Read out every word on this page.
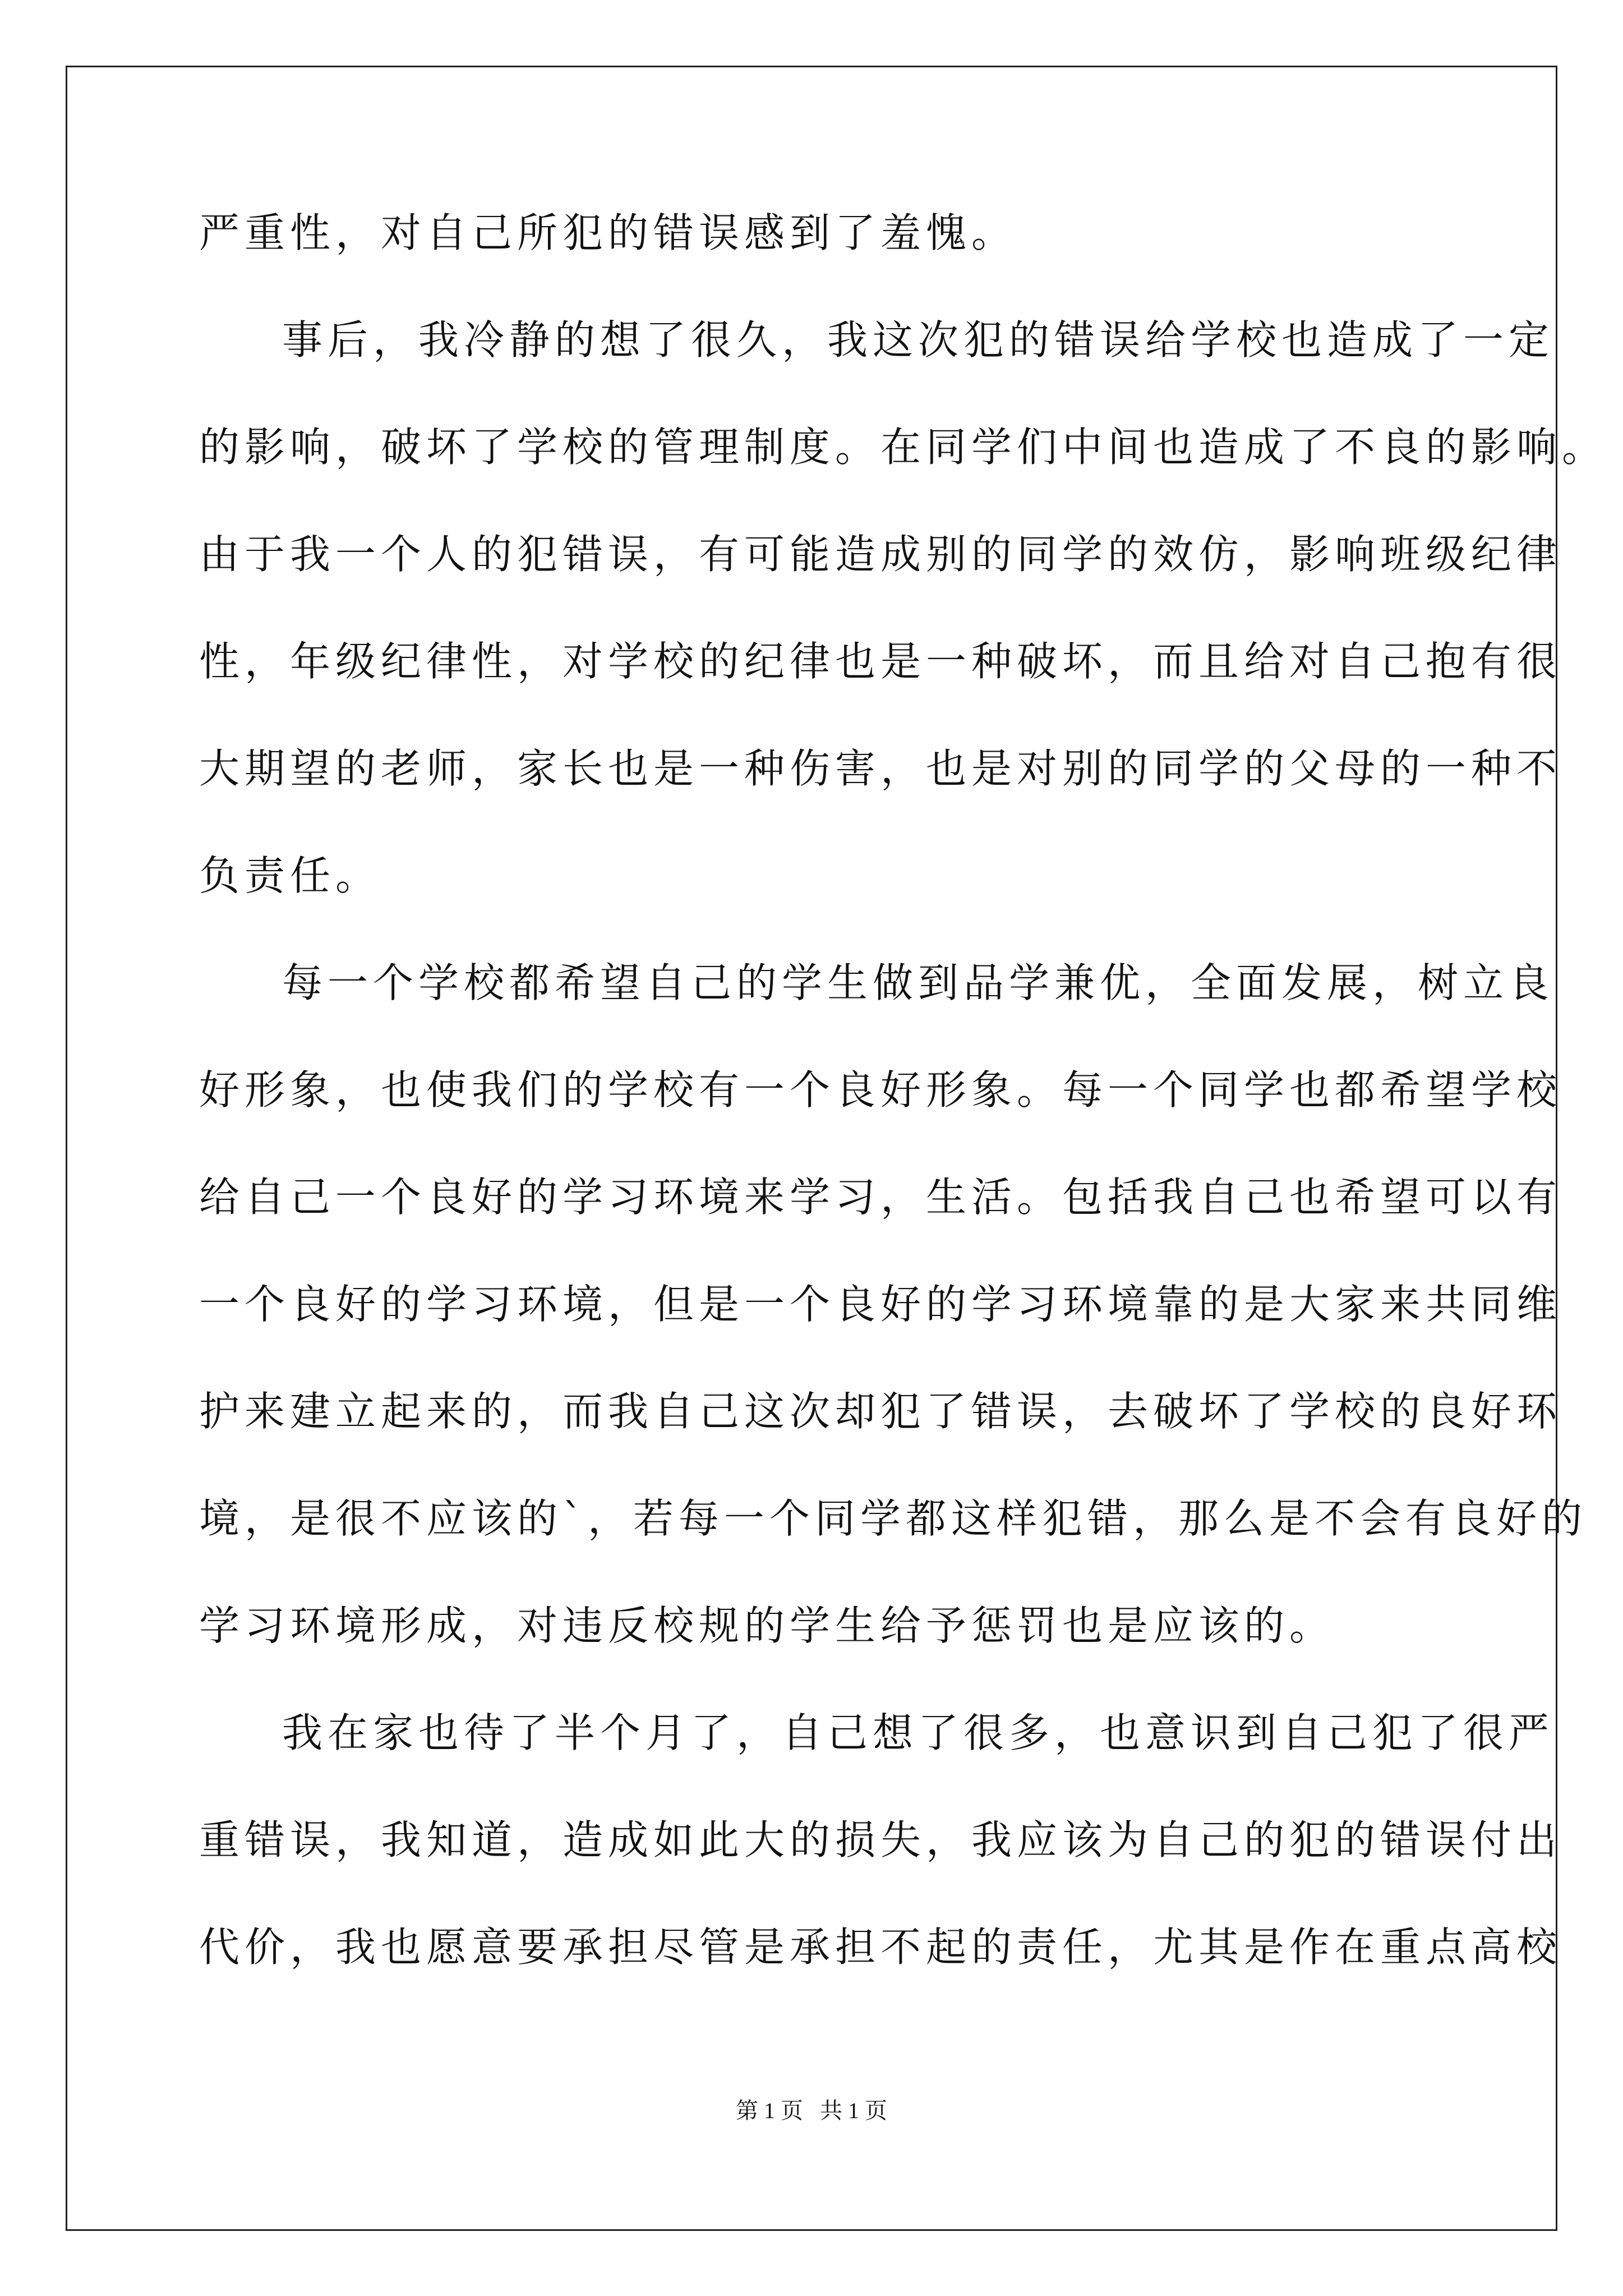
严重性，对自己所犯的错误感到了羞愧。
事后，我冷静的想了很久，我这次犯的错误给学校也造成了一定
的影响，破坏了学校的管理制度。在同学们中间也造成了不良的影响。
由于我一个人的犯错误，有可能造成别的同学的效仿，影响班级纪律
性，年级纪律性，对学校的纪律也是一种破坏，而且给对自己抱有很
大期望的老师，家长也是一种伤害，也是对别的同学的父母的一种不
负责任。
每一个学校都希望自己的学生做到品学兼优，全面发展，树立良
好形象，也使我们的学校有一个良好形象。每一个同学也都希望学校
给自己一个良好的学习环境来学习，生活。包括我自己也希望可以有
一个良好的学习环境，但是一个良好的学习环境靠的是大家来共同维
护来建立起来的，而我自己这次却犯了错误，去破坏了学校的良好环
境，是很不应该的`，若每一个同学都这样犯错，那么是不会有良好的
学习环境形成，对违反校规的学生给予惩罚也是应该的。
我在家也待了半个月了，自己想了很多，也意识到自己犯了很严
重错误，我知道，造成如此大的损失，我应该为自己的犯的错误付出
代价，我也愿意要承担尽管是承担不起的责任，尤其是作在重点高校
第 1 页 共 1 页
